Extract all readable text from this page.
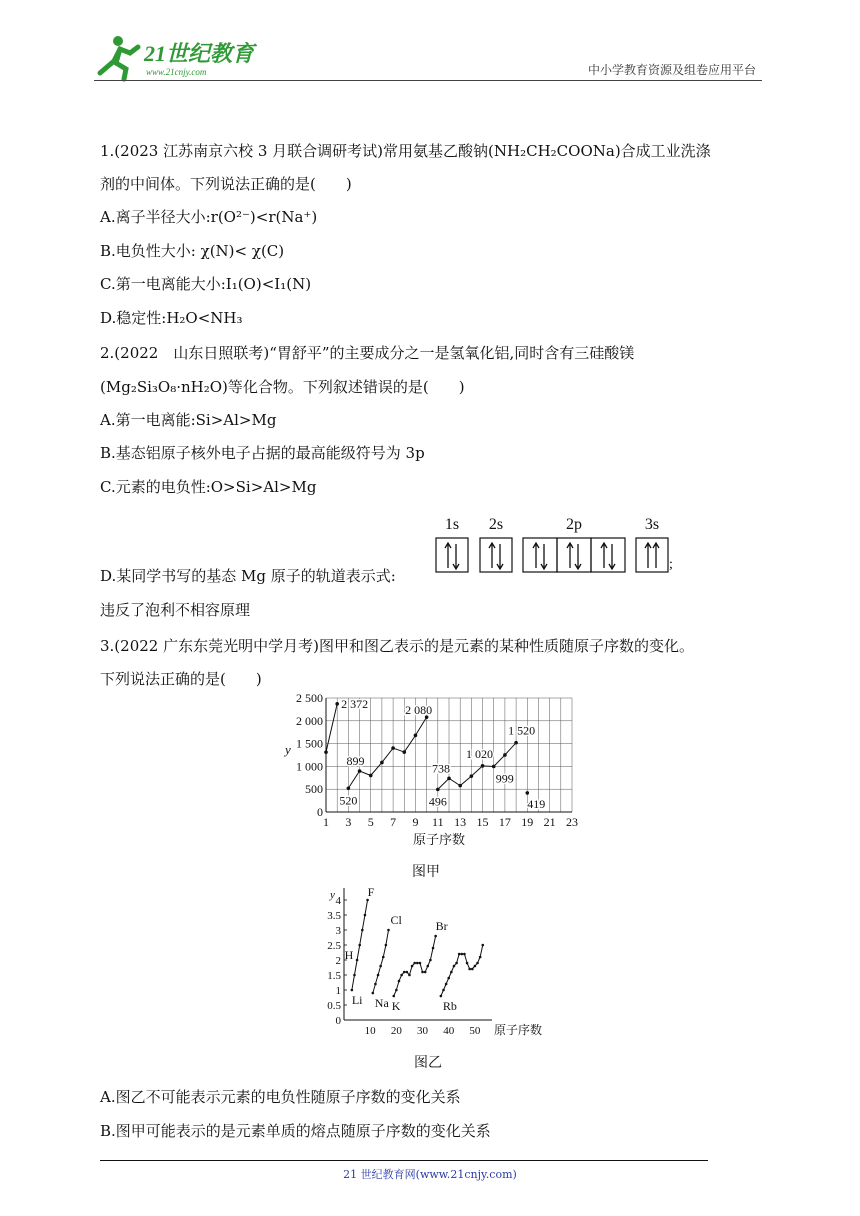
21世纪教育
www.21cnjy.com	中小学教育资源及组卷应用平台
1.(2023 江苏南京六校 3 月联合调研考试)常用氨基乙酸钠(NH₂CH₂COONa)合成工业洗涤
剂的中间体。下列说法正确的是(　　)
A.离子半径大小:r(O²⁻)<r(Na⁺)
B.电负性大小: χ(N)< χ(C)
C.第一电离能大小:I₁(O)<I₁(N)
D.稳定性:H₂O<NH₃
2.(2022　山东日照联考)“胃舒平”的主要成分之一是氢氧化铝,同时含有三硅酸镁
(Mg₂Si₃O₈·nH₂O)等化合物。下列叙述错误的是(　　)
A.第一电离能:Si>Al>Mg
B.基态铝原子核外电子占据的最高能级符号为 3p
C.元素的电负性:O>Si>Al>Mg
D.某同学书写的基态 Mg 原子的轨道表示式:
1s 2s	2p	3s
;
违反了泡利不相容原理
3.(2022 广东东莞光明中学月考)图甲和图乙表示的是元素的某种性质随原子序数的变化。
下列说法正确的是(　　)
0
500
1 000
1 500
2 000
2 500
1 3 5 7 9 11 13 15 17 19 21 23
y
原子序数
2 372	2 080
899
520
738
496
1 020
999
1 520
419
图甲
0
0.5
1
1.5
2
2.5
3
3.5
4
10 20 30 40 50
y
原子序数
H
F
Li Na
Cl
K
Br
Rb
图乙
A.图乙不可能表示元素的电负性随原子序数的变化关系
B.图甲可能表示的是元素单质的熔点随原子序数的变化关系
21 世纪教育网(www.21cnjy.com)
